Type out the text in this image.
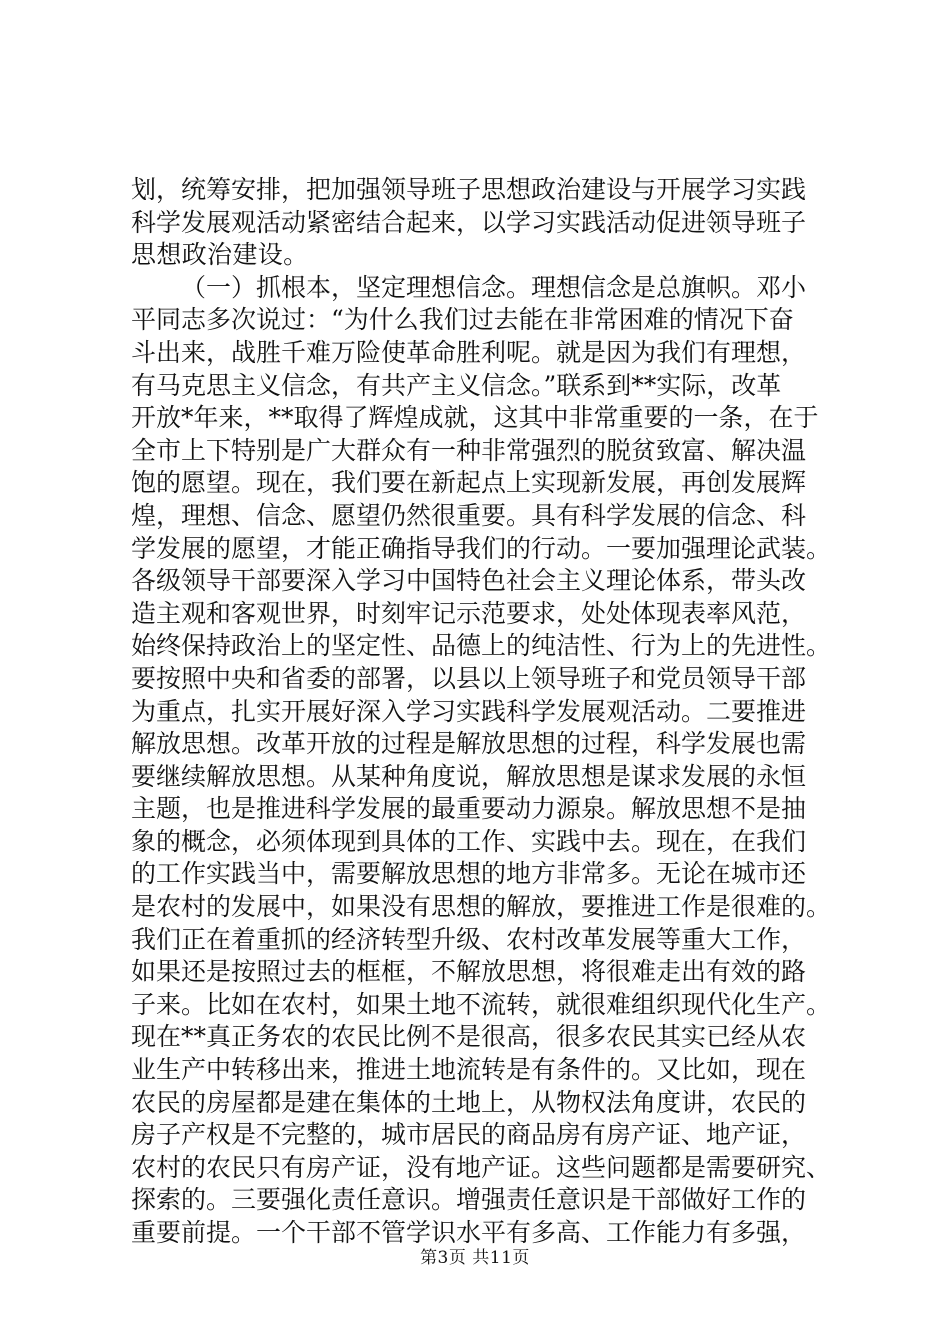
划，统筹安排，把加强领导班子思想政治建设与开展学习实践
科学发展观活动紧密结合起来，以学习实践活动促进领导班子
思想政治建设。
（一）抓根本，坚定理想信念。理想信念是总旗帜。邓小
平同志多次说过：“为什么我们过去能在非常困难的情况下奋
斗出来，战胜千难万险使革命胜利呢。就是因为我们有理想，
有马克思主义信念，有共产主义信念。”联系到**实际，改革
开放*年来，**取得了辉煌成就，这其中非常重要的一条，在于
全市上下特别是广大群众有一种非常强烈的脱贫致富、解决温
饱的愿望。现在，我们要在新起点上实现新发展，再创发展辉
煌，理想、信念、愿望仍然很重要。具有科学发展的信念、科
学发展的愿望，才能正确指导我们的行动。一要加强理论武装。
各级领导干部要深入学习中国特色社会主义理论体系，带头改
造主观和客观世界，时刻牢记示范要求，处处体现表率风范，
始终保持政治上的坚定性、品德上的纯洁性、行为上的先进性。
要按照中央和省委的部署，以县以上领导班子和党员领导干部
为重点，扎实开展好深入学习实践科学发展观活动。二要推进
解放思想。改革开放的过程是解放思想的过程，科学发展也需
要继续解放思想。从某种角度说，解放思想是谋求发展的永恒
主题，也是推进科学发展的最重要动力源泉。解放思想不是抽
象的概念，必须体现到具体的工作、实践中去。现在，在我们
的工作实践当中，需要解放思想的地方非常多。无论在城市还
是农村的发展中，如果没有思想的解放，要推进工作是很难的。
我们正在着重抓的经济转型升级、农村改革发展等重大工作，
如果还是按照过去的框框，不解放思想，将很难走出有效的路
子来。比如在农村，如果土地不流转，就很难组织现代化生产。
现在**真正务农的农民比例不是很高，很多农民其实已经从农
业生产中转移出来，推进土地流转是有条件的。又比如，现在
农民的房屋都是建在集体的土地上，从物权法角度讲，农民的
房子产权是不完整的，城市居民的商品房有房产证、地产证，
农村的农民只有房产证，没有地产证。这些问题都是需要研究、
探索的。三要强化责任意识。增强责任意识是干部做好工作的
重要前提。一个干部不管学识水平有多高、工作能力有多强，
第3页 共11页
